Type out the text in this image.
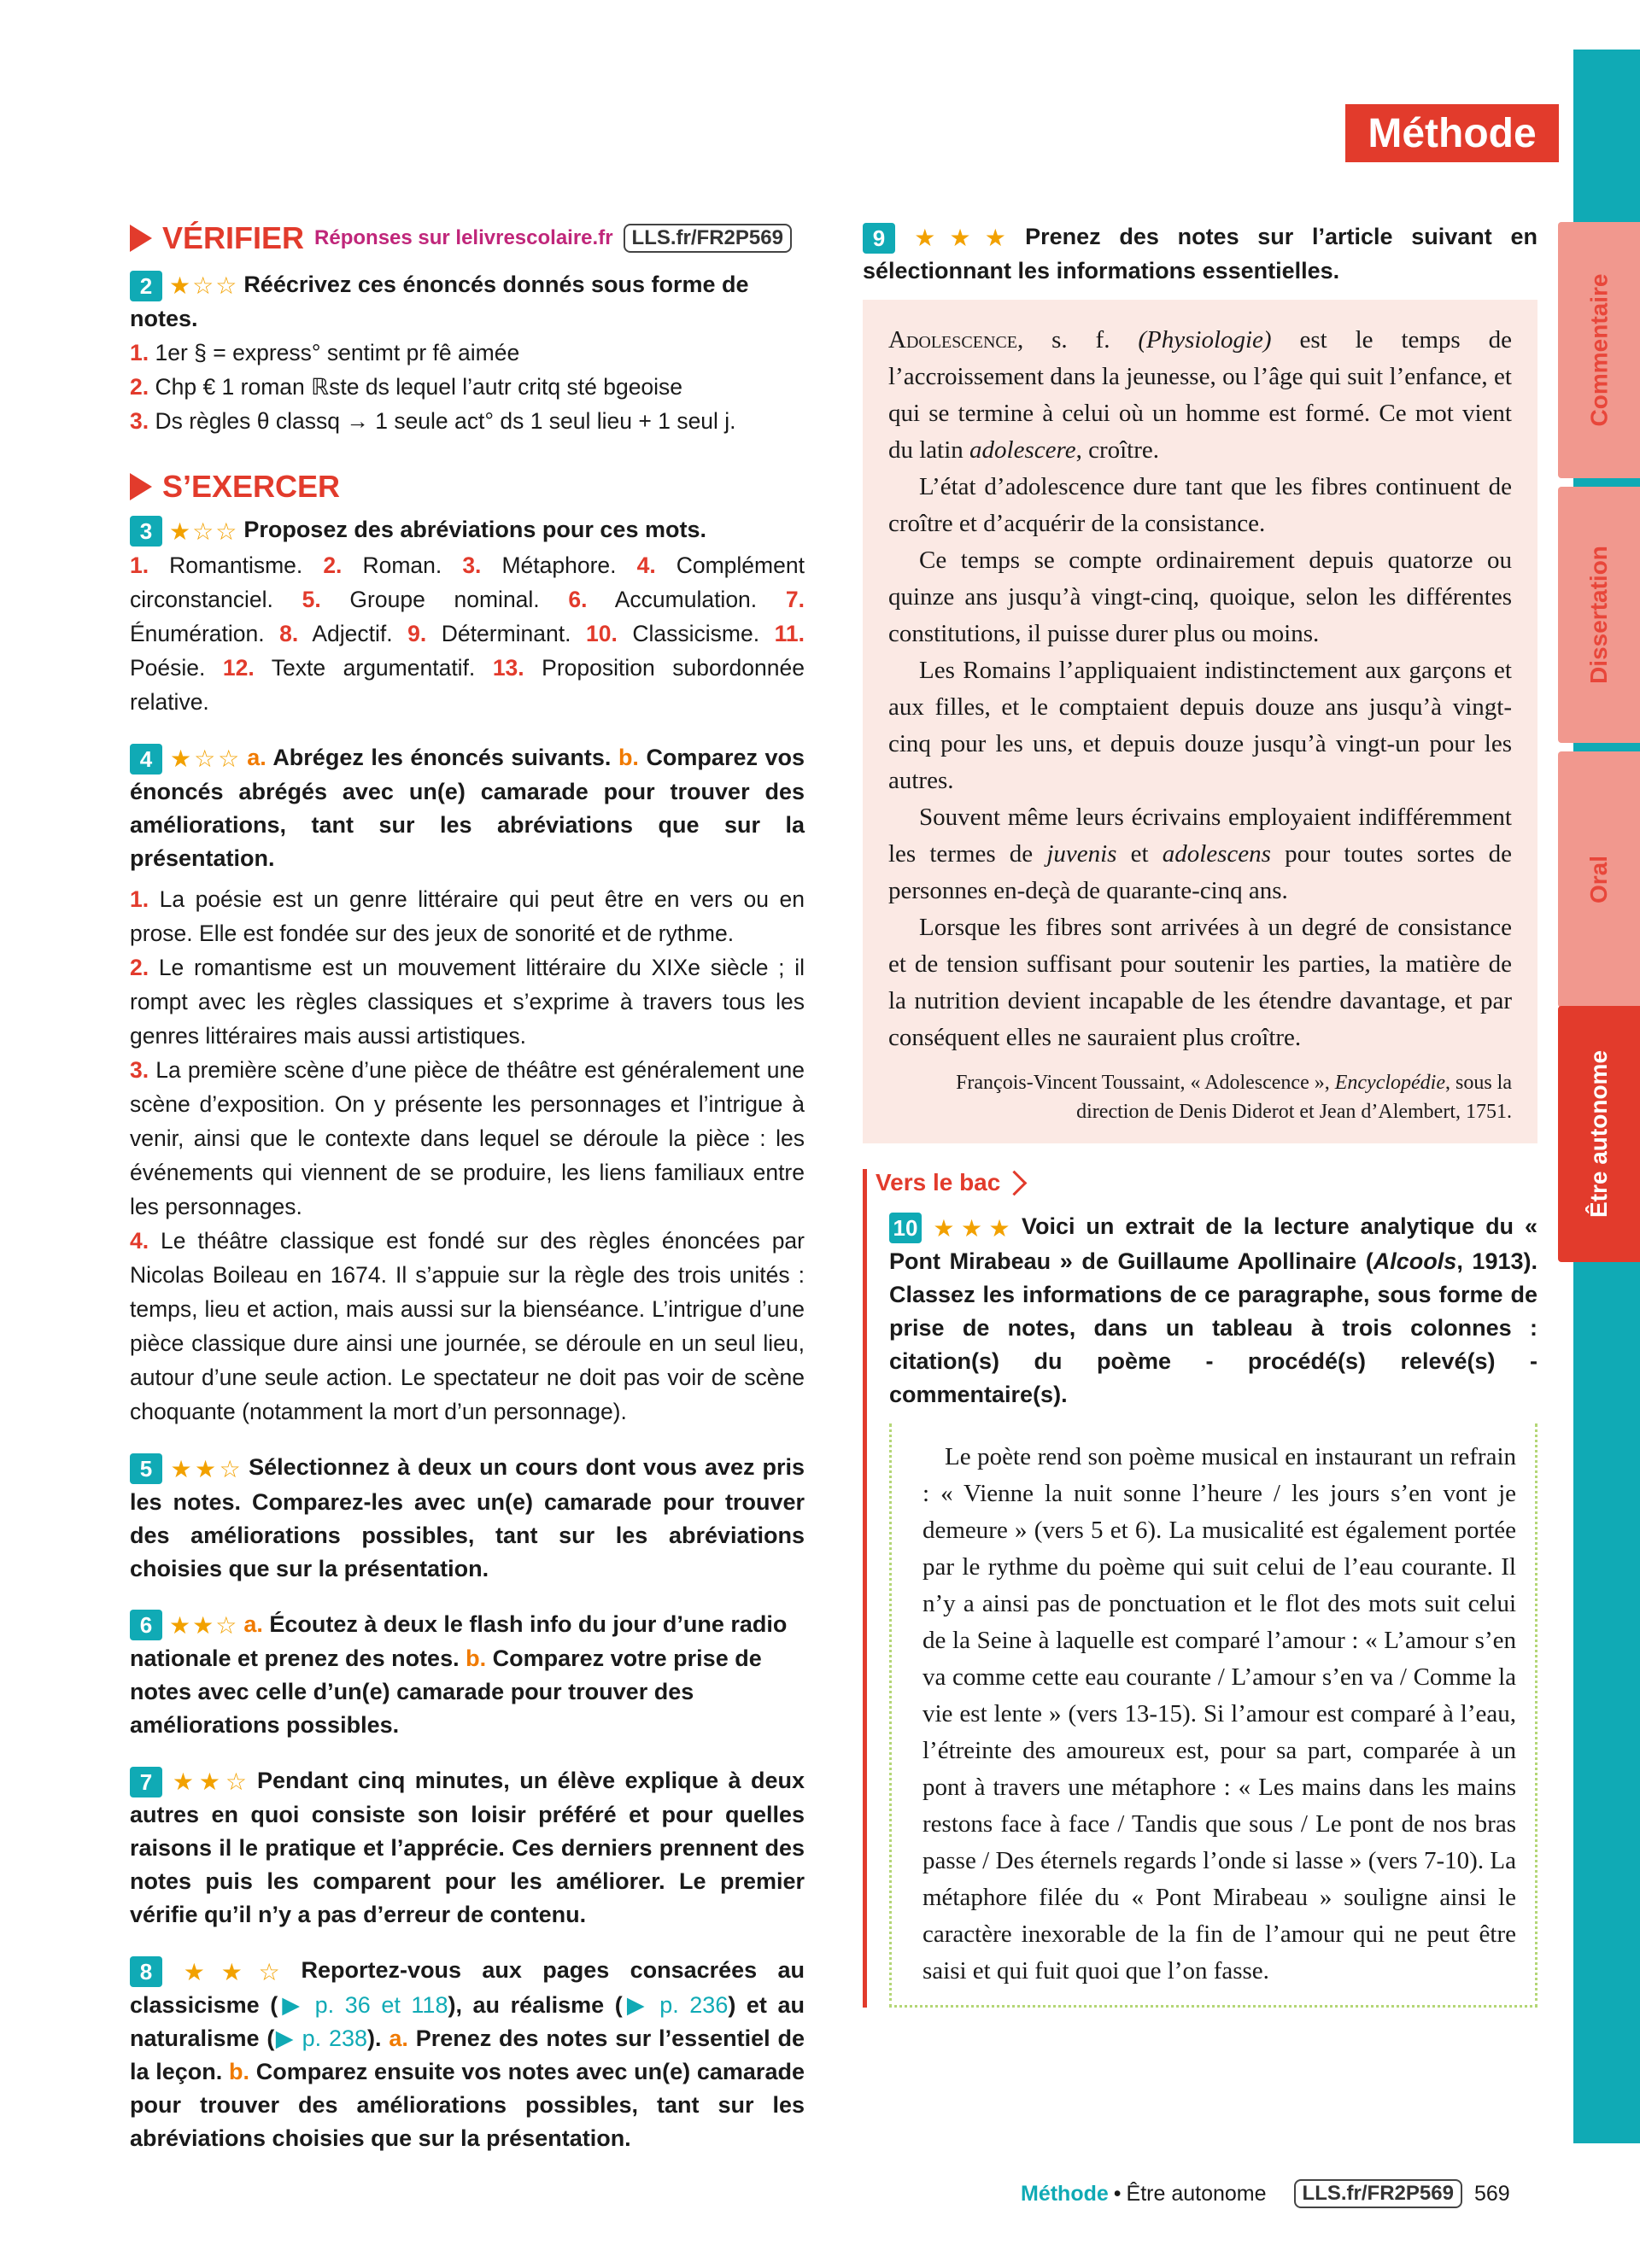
Commentaire
Dissertation
Oral
Être autonome
Méthode
VÉRIFIER Réponses sur lelivrescolaire.fr LLS.fr/FR2P569
2 ★☆☆ Réécrivez ces énoncés donnés sous forme de notes.

1. 1er § = express° sentimt pr fê aimée

2. Chp € 1 roman ℝste ds lequel l’autr critq sté bgeoise

3. Ds règles θ classq → 1 seule act° ds 1 seul lieu + 1 seul j.

S’EXERCER
3 ★☆☆ Proposez des abréviations pour ces mots.
1. Romantisme. 2. Roman. 3. Métaphore. 4. Complément circonstanciel. 5. Groupe nominal. 6. Accumulation. 7. Énumération. 8. Adjectif. 9. Déterminant. 10. Classicisme. 11. Poésie. 12. Texte argumentatif. 13. Proposition subordonnée relative.
4 ★☆☆ a. Abrégez les énoncés suivants. b. Comparez vos énoncés abrégés avec un(e) camarade pour trouver des améliorations, tant sur les abréviations que sur la présentation.

1. La poésie est un genre littéraire qui peut être en vers ou en prose. Elle est fondée sur des jeux de sonorité et de rythme.

2. Le romantisme est un mouvement littéraire du XIXe siècle ; il rompt avec les règles classiques et s’exprime à travers tous les genres littéraires mais aussi artistiques.

3. La première scène d’une pièce de théâtre est généralement une scène d’exposition. On y présente les personnages et l’intrigue à venir, ainsi que le contexte dans lequel se déroule la pièce : les événements qui viennent de se produire, les liens familiaux entre les personnages.

4. Le théâtre classique est fondé sur des règles énoncées par Nicolas Boileau en 1674. Il s’appuie sur la règle des trois unités : temps, lieu et action, mais aussi sur la bienséance. L’intrigue d’une pièce classique dure ainsi une journée, se déroule en un seul lieu, autour d’une seule action. Le spectateur ne doit pas voir de scène choquante (notamment la mort d’un personnage).

5 ★★☆ Sélectionnez à deux un cours dont vous avez pris les notes. Comparez-les avec un(e) camarade pour trouver des améliorations possibles, tant sur les abréviations choisies que sur la présentation.
6 ★★☆ a. Écoutez à deux le flash info du jour d’une radio nationale et prenez des notes. b. Comparez votre prise de notes avec celle d’un(e) camarade pour trouver des améliorations possibles.
7 ★★☆ Pendant cinq minutes, un élève explique à deux autres en quoi consiste son loisir préféré et pour quelles raisons il le pratique et l’apprécie. Ces derniers prennent des notes puis les comparent pour les améliorer. Le premier vérifie qu’il n’y a pas d’erreur de contenu.
8 ★★☆ Reportez-vous aux pages consacrées au classicisme (▶ p. 36 et 118), au réalisme (▶ p. 236) et au naturalisme (▶ p. 238). a. Prenez des notes sur l’essentiel de la leçon. b. Comparez ensuite vos notes avec un(e) camarade pour trouver des améliorations possibles, tant sur les abréviations choisies que sur la présentation.
9 ★★★ Prenez des notes sur l’article suivant en sélectionnant les informations essentielles.

Adolescence, s. f. (Physiologie) est le temps de l’accroissement dans la jeunesse, ou l’âge qui suit l’enfance, et qui se termine à celui où un homme est formé. Ce mot vient du latin adolescere, croître.

L’état d’adolescence dure tant que les fibres continuent de croître et d’acquérir de la consistance.

Ce temps se compte ordinairement depuis quatorze ou quinze ans jusqu’à vingt-cinq, quoique, selon les différentes constitutions, il puisse durer plus ou moins.

Les Romains l’appliquaient indistinctement aux garçons et aux filles, et le comptaient depuis douze ans jusqu’à vingt-cinq pour les uns, et depuis douze jusqu’à vingt-un pour les autres.

Souvent même leurs écrivains employaient indifféremment les termes de juvenis et adolescens pour toutes sortes de personnes en-deçà de quarante-cinq ans.

Lorsque les fibres sont arrivées à un degré de consistance et de tension suffisant pour soutenir les parties, la matière de la nutrition devient incapable de les étendre davantage, et par conséquent elles ne sauraient plus croître.

François-Vincent Toussaint, « Adolescence », Encyclopédie, sous la direction de Denis Diderot et Jean d’Alembert, 1751.
Vers le bac
10 ★★★ Voici un extrait de la lecture analytique du « Pont Mirabeau » de Guillaume Apollinaire (Alcools, 1913). Classez les informations de ce paragraphe, sous forme de prise de notes, dans un tableau à trois colonnes : citation(s) du poème - procédé(s) relevé(s) - commentaire(s).
Le poète rend son poème musical en instaurant un refrain : « Vienne la nuit sonne l’heure / les jours s’en vont je demeure » (vers 5 et 6). La musicalité est également portée par le rythme du poème qui suit celui de l’eau courante. Il n’y a ainsi pas de ponctuation et le flot des mots suit celui de la Seine à laquelle est comparé l’amour : « L’amour s’en va comme cette eau courante / L’amour s’en va / Comme la vie est lente » (vers 13-15). Si l’amour est comparé à l’eau, l’étreinte des amoureux est, pour sa part, comparée à un pont à travers une métaphore : « Les mains dans les mains restons face à face / Tandis que sous / Le pont de nos bras passe / Des éternels regards l’onde si lasse » (vers 7-10). La métaphore filée du « Pont Mirabeau » souligne ainsi le caractère inexorable de la fin de l’amour qui ne peut être saisi et qui fuit quoi que l’on fasse.
Méthode • Être autonome	LLS.fr/FR2P569 569
